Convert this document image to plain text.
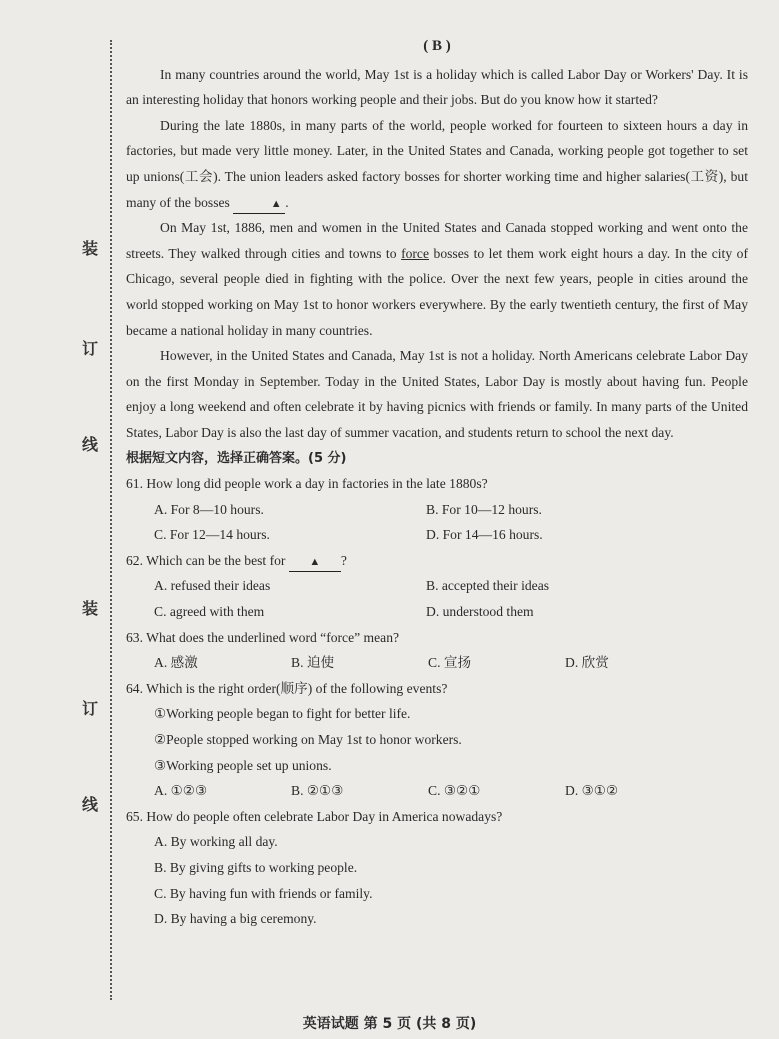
装
订
线
装
订
线
( B )

In many countries around the world, May 1st is a holiday which is called Labor Day or Workers' Day. It is an interesting holiday that honors working people and their jobs. But do you know how it started?

During the late 1880s, in many parts of the world, people worked for fourteen to sixteen hours a day in factories, but made very little money. Later, in the United States and Canada, working people got together to set up unions(工会). The union leaders asked factory bosses for shorter working time and higher salaries(工资), but many of the bosses	▲ .

On May 1st, 1886, men and women in the United States and Canada stopped working and went onto the streets. They walked through cities and towns to force bosses to let them work eight hours a day. In the city of Chicago, several people died in fighting with the police. Over the next few years, people in cities around the world stopped working on May 1st to honor workers everywhere. By the early twentieth century, the first of May became a national holiday in many countries.

However, in the United States and Canada, May 1st is not a holiday. North Americans celebrate Labor Day on the first Monday in September. Today in the United States, Labor Day is mostly about having fun. People enjoy a long weekend and often celebrate it by having picnics with friends or family. In many parts of the United States, Labor Day is also the last day of summer vacation, and students return to school the next day.

根据短文内容，选择正确答案。(5 分)

61. How long did people work a day in factories in the late 1880s?

A. For 8—10 hours.	B. For 10—12 hours.
C. For 12—14 hours.	D. For 14—16 hours.

62. Which can be the best for ▲ ?

A. refused their ideas	B. accepted their ideas
C. agreed with them	D. understood them

63. What does the underlined word “force” mean?

A. 感激	B. 迫使	C. 宣扬	D. 欣赏

64. Which is the right order(顺序) of the following events?

①Working people began to fight for better life.
②People stopped working on May 1st to honor workers.
③Working people set up unions.
A. ①②③	B. ②①③	C. ③②①	D. ③①②

65. How do people often celebrate Labor Day in America nowadays?

A. By working all day.
B. By giving gifts to working people.
C. By having fun with friends or family.
D. By having a big ceremony.
英语试题 第 5 页 (共 8 页)
